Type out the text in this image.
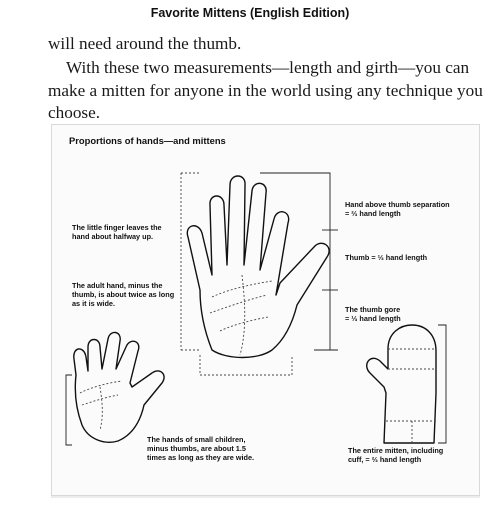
Favorite Mittens (English Edition)
will need around the thumb.
With these two measurements—length and girth—you can
make a mitten for anyone in the world using any technique you
choose.
Proportions of hands—and mittens
The little finger leaves the
hand about halfway up.
The adult hand, minus the
thumb, is about twice as long
as it is wide.
Hand above thumb separation
= ⅔ hand length
Thumb = ⅓ hand length
The thumb gore
= ⅓ hand length
The hands of small children,
minus thumbs, are about 1.5
times as long as they are wide.
The entire mitten, including
cuff, = ⅔ hand length
